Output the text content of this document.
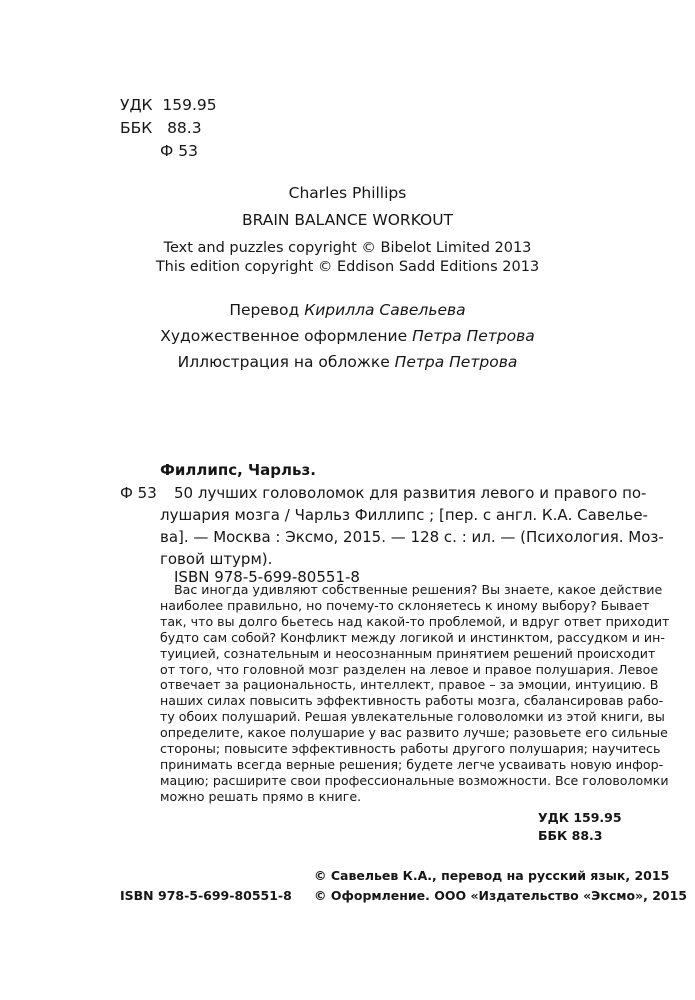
УДК 159.95
ББК 88.3
Ф 53
Charles Phillips
BRAIN BALANCE WORKOUT
Text and puzzles copyright © Bibelot Limited 2013
This edition copyright © Eddison Sadd Editions 2013
Перевод Кирилла Савельева
Художественное оформление Петра Петрова
Иллюстрация на обложке Петра Петрова
Филлипс, Чарльз.
Ф 53 50 лучших головоломок для развития левого и правого по-
лушария мозга / Чарльз Филлипс ; [пер. с англ. К.А. Савелье-
ва]. — Москва : Эксмо, 2015. — 128 с. : ил. — (Психология. Моз-
говой штурм).
ISBN 978-5-699-80551-8
Вас иногда удивляют собственные решения? Вы знаете, какое действие
наиболее правильно, но почему-то склоняетесь к иному выбору? Бывает
так, что вы долго бьетесь над какой-то проблемой, и вдруг ответ приходит
будто сам собой? Конфликт между логикой и инстинктом, рассудком и ин-
туицией, сознательным и неосознанным принятием решений происходит
от того, что головной мозг разделен на левое и правое полушария. Левое
отвечает за рациональность, интеллект, правое – за эмоции, интуицию. В
наших силах повысить эффективность работы мозга, сбалансировав рабо-
ту обоих полушарий. Решая увлекательные головоломки из этой книги, вы
определите, какое полушарие у вас развито лучше; разовьете его сильные
стороны; повысите эффективность работы другого полушария; научитесь
принимать всегда верные решения; будете легче усваивать новую инфор-
мацию; расширите свои профессиональные возможности. Все головоломки
можно решать прямо в книге.
УДК 159.95
ББК 88.3
© Савельев К.А., перевод на русский язык, 2015
ISBN 978-5-699-80551-8 © Оформление. ООО «Издательство «Эксмо», 2015
